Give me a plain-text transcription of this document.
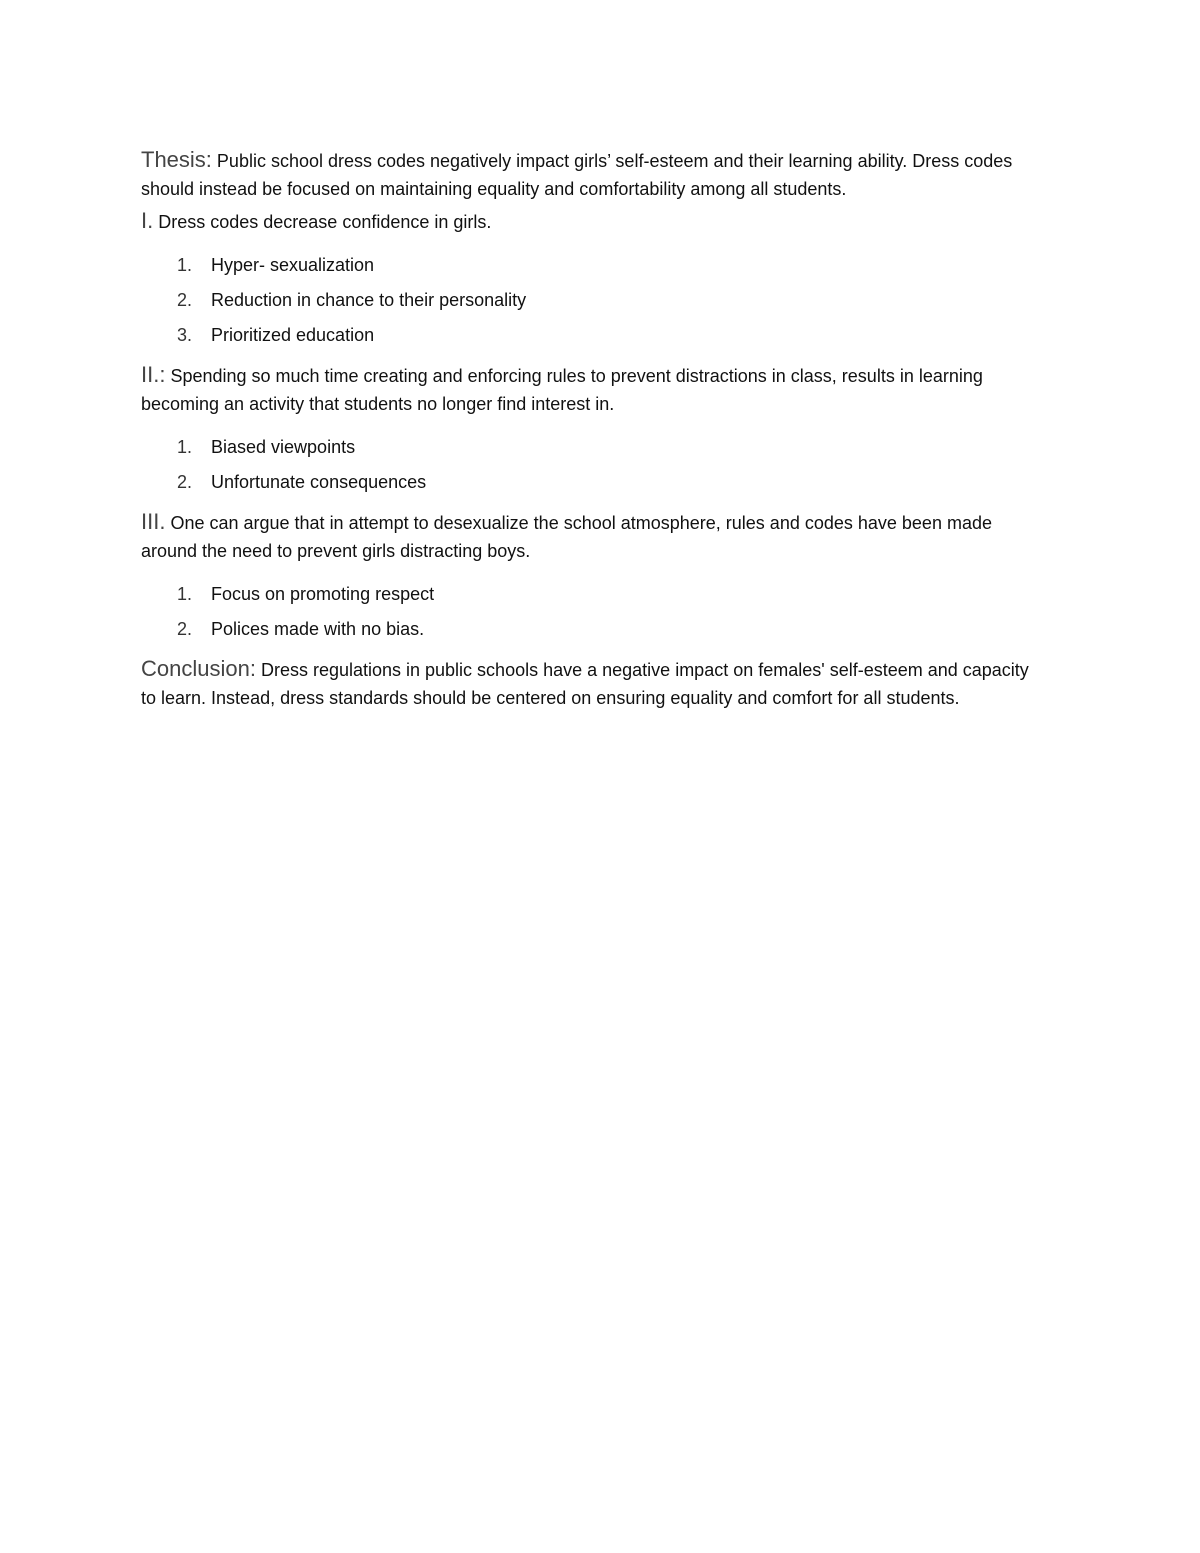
Thesis: Public school dress codes negatively impact girls’ self-esteem and their learning ability. Dress codes should instead be focused on maintaining equality and comfortability among all students.

I. Dress codes decrease confidence in girls.

1. Hyper- sexualization
2. Reduction in chance to their personality
3. Prioritized education

II.: Spending so much time creating and enforcing rules to prevent distractions in class, results in learning becoming an activity that students no longer find interest in.

1. Biased viewpoints
2. Unfortunate consequences

III. One can argue that in attempt to desexualize the school atmosphere, rules and codes have been made around the need to prevent girls distracting boys.

1. Focus on promoting respect
2. Polices made with no bias.

Conclusion: Dress regulations in public schools have a negative impact on females' self-esteem and capacity to learn. Instead, dress standards should be centered on ensuring equality and comfort for all students.
